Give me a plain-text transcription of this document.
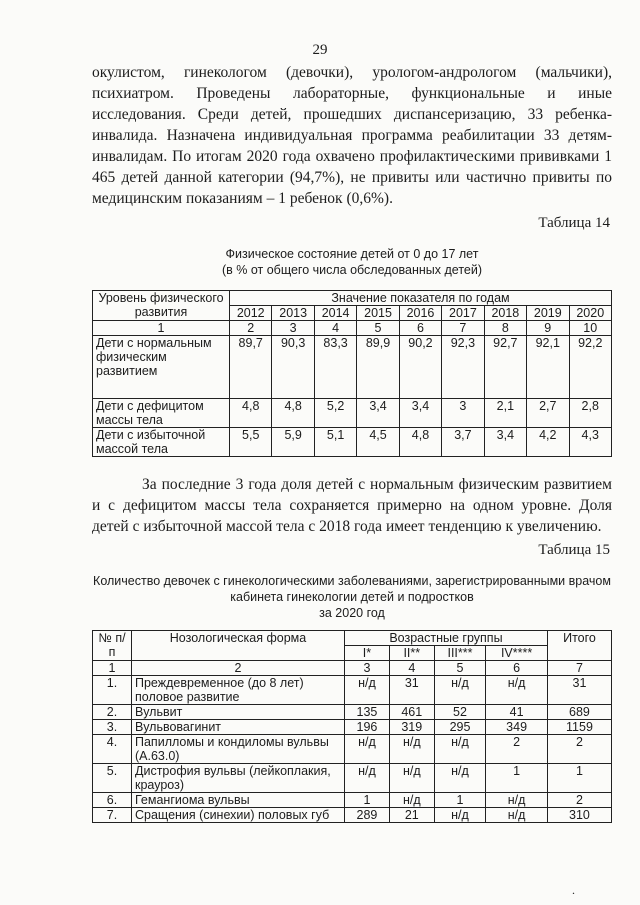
29
окулистом, гинекологом (девочки), урологом-андрологом (мальчики), психиатром. Проведены лабораторные, функциональные и иные исследования. Среди детей, прошедших диспансеризацию, 33 ребенка-инвалида. Назначена индивидуальная программа реабилитации 33 детям-инвалидам. По итогам 2020 года охвачено профилактическими прививками 1 465 детей данной категории (94,7%), не привиты или частично привиты по медицинским показаниям – 1 ребенок (0,6%).
Таблица 14
Физическое состояние детей от 0 до 17 лет
(в % от общего числа обследованных детей)
Уровень физического развития	Значение показателя по годам								
	2012	2013	2014	2015	2016	2017	2018	2019	2020
1	2	3	4	5	6	7	8	9	10
Дети с нормальным физическим развитием	89,7	90,3	83,3	89,9	90,2	92,3	92,7	92,1	92,2
Дети с дефицитом массы тела	4,8	4,8	5,2	3,4	3,4	3	2,1	2,7	2,8
Дети с избыточной массой тела	5,5	5,9	5,1	4,5	4,8	3,7	3,4	4,2	4,3
За последние 3 года доля детей с нормальным физическим развитием и с дефицитом массы тела сохраняется примерно на одном уровне. Доля детей с избыточной массой тела с 2018 года имеет тенденцию к увеличению.
Таблица 15
Количество девочек с гинекологическими заболеваниями, зарегистрированными врачом
кабинета гинекологии детей и подростков
за 2020 год
№ п/п	Нозологическая форма	Возрастные группы				Итого
		I*	II**	III***	IV****	
1	2	3	4	5	6	7
1.	Преждевременное (до 8 лет) половое развитие	н/д	31	н/д	н/д	31
2.	Вульвит	135	461	52	41	689
3.	Вульвовагинит	196	319	295	349	1159
4.	Папилломы и кондиломы вульвы (А.63.0)	н/д	н/д	н/д	2	2
5.	Дистрофия вульвы (лейкоплакия, крауроз)	н/д	н/д	н/д	1	1
6.	Гемангиома вульвы	1	н/д	1	н/д	2
7.	Сращения (синехии) половых губ	289	21	н/д	н/д	310
.
